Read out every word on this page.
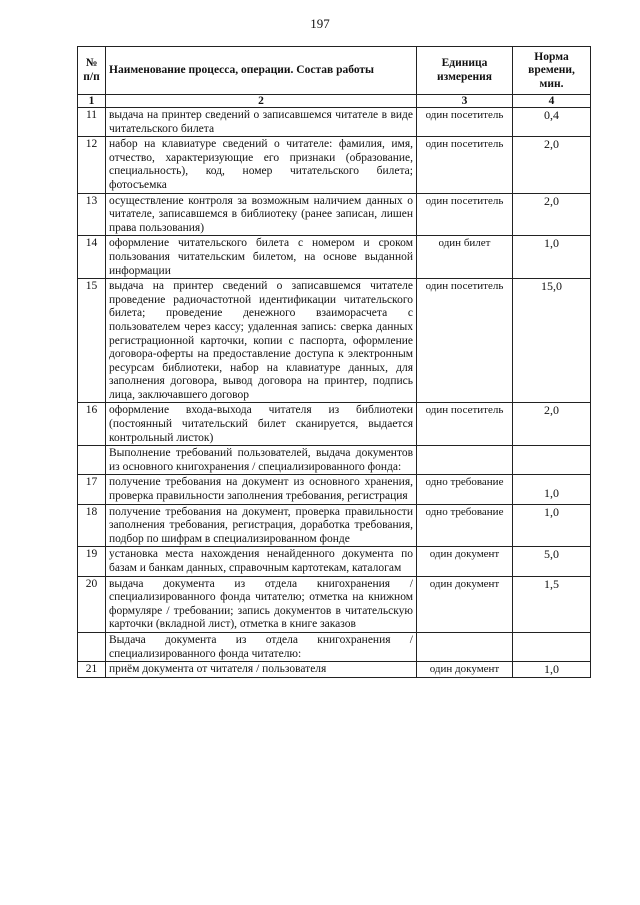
197
№ п/п	Наименование процесса, операции. Состав работы	Единица измерения	Норма времени, мин.
1	2	3	4
11	выдача на принтер сведений о записавшемся читателе в виде читательского билета	один посетитель	0,4
12	набор на клавиатуре сведений о читателе: фамилия, имя, отчество, характеризующие его признаки (образование, специальность), код, номер читательского билета; фотосъемка	один посетитель	2,0
13	осуществление контроля за возможным наличием данных о читателе, записавшемся в библиотеку (ранее записан, лишен права пользования)	один посетитель	2,0
14	оформление читательского билета с номером и сроком пользования читательским билетом, на основе выданной информации	один билет	1,0
15	выдача на принтер сведений о записавшемся читателе проведение радиочастотной идентификации читательского билета; проведение денежного взаиморасчета с пользователем через кассу; удаленная запись: сверка данных регистрационной карточки, копии с паспорта, оформление договора-оферты на предоставление доступа к электронным ресурсам библиотеки, набор на клавиатуре данных, для заполнения договора, вывод договора на принтер, подпись лица, заключавшего договор	один посетитель	15,0
16	оформление входа-выхода читателя из библиотеки (постоянный читательский билет сканируется, выдается контрольный листок)	один посетитель	2,0
	Выполнение требований пользователей, выдача документов из основного книгохранения / специализированного фонда:		
17	получение требования на документ из основного хранения, проверка правильности заполнения требования, регистрация	одно требование	1,0
18	получение требования на документ, проверка правильности заполнения требования, регистрация, доработка требования, подбор по шифрам в специализированном фонде	одно требование	1,0
19	установка места нахождения ненайденного документа по базам и банкам данных, справочным картотекам, каталогам	один документ	5,0
20	выдача документа из отдела книгохранения / специализированного фонда читателю; отметка на книжном формуляре / требовании; запись документов в читательскую карточки (вкладной лист), отметка в книге заказов	один документ	1,5
	Выдача документа из отдела книгохранения / специализированного фонда читателю:		
21	приём документа от читателя / пользователя	один документ	1,0
